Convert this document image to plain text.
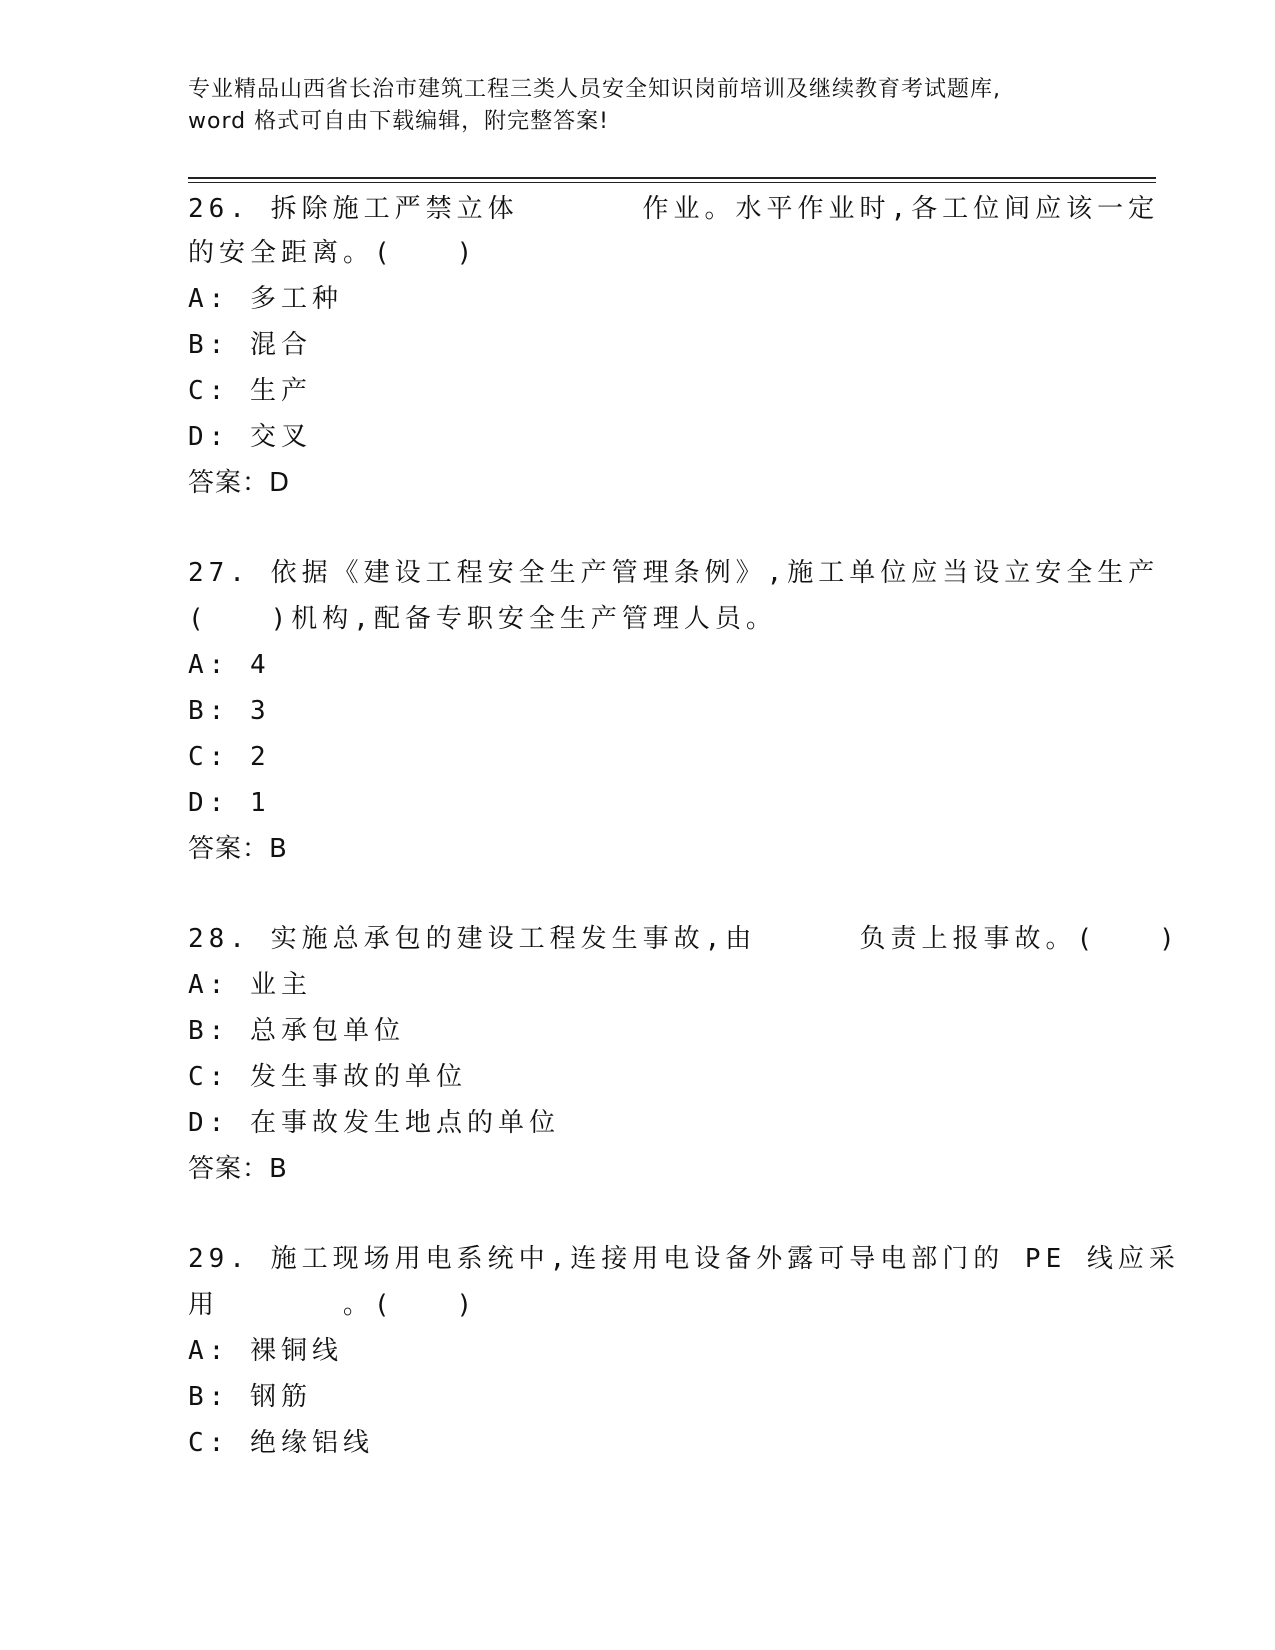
专业精品山西省长治市建筑工程三类人员安全知识岗前培训及继续教育考试题库,
word 格式可自由下载编辑，附完整答案!
26. 拆除施工严禁立体      作业。水平作业时,各工位间应该一定
的安全距离。(   )
A: 多工种
B: 混合
C: 生产
D: 交叉
答案：D
27. 依据《建设工程安全生产管理条例》,施工单位应当设立安全生产
(   )机构,配备专职安全生产管理人员。
A: 4
B: 3
C: 2
D: 1
答案：B
28. 实施总承包的建设工程发生事故,由     负责上报事故。(   )
A: 业主
B: 总承包单位
C: 发生事故的单位
D: 在事故发生地点的单位
答案：B
29. 施工现场用电系统中,连接用电设备外露可导电部门的 PE 线应采
用      。(   )
A: 裸铜线
B: 钢筋
C: 绝缘铝线
